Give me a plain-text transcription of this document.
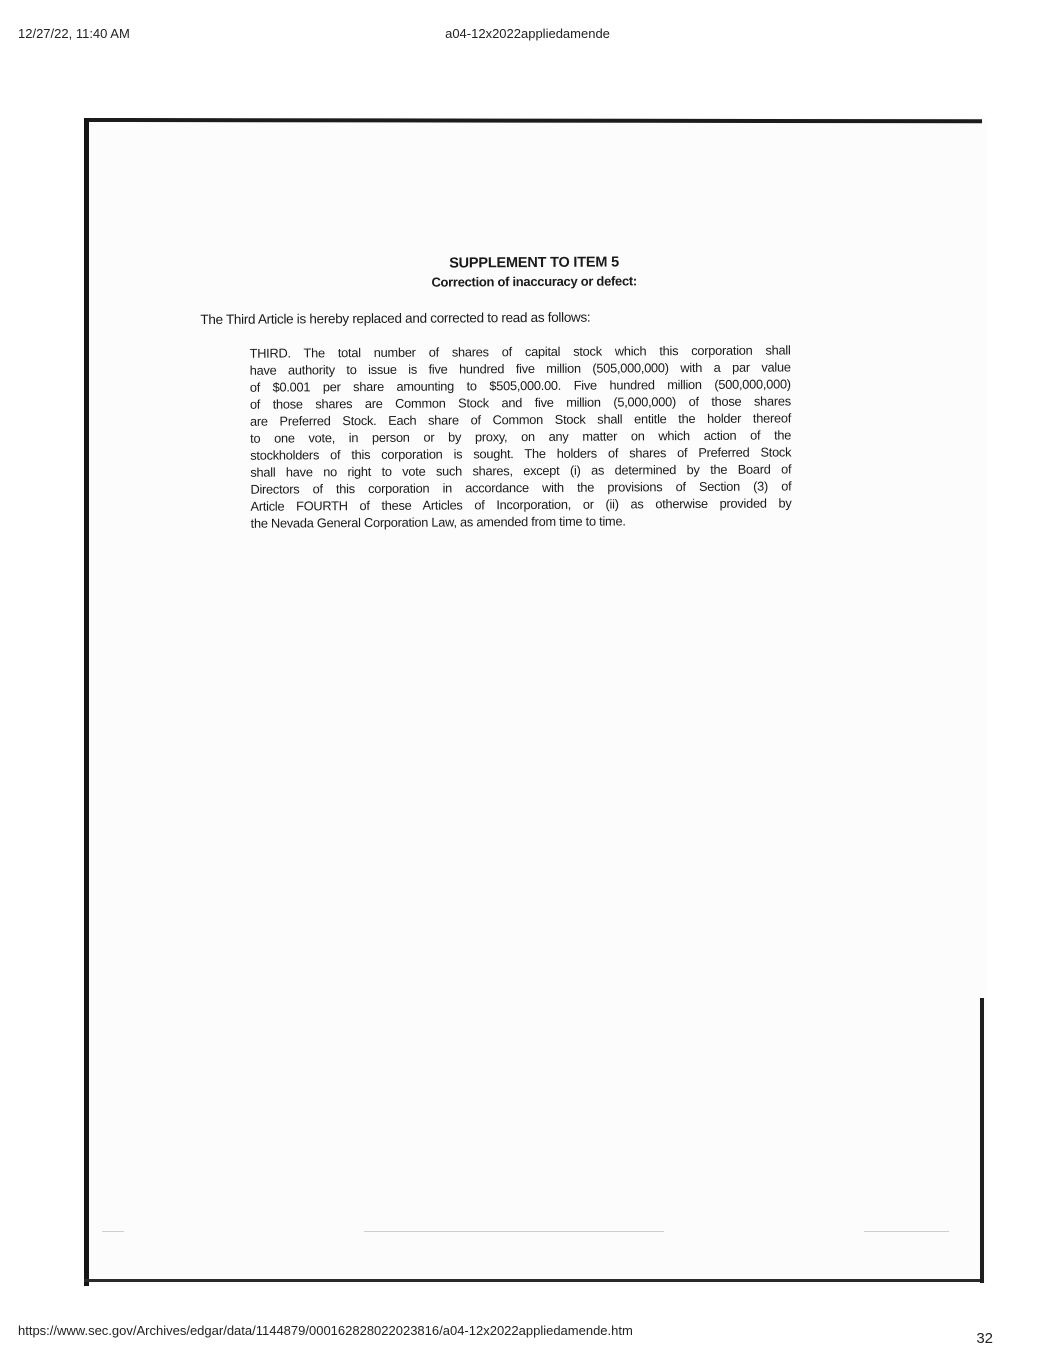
12/27/22, 11:40 AM	a04-12x2022appliedamende
SUPPLEMENT TO ITEM 5
Correction of inaccuracy or defect:
The Third Article is hereby replaced and corrected to read as follows:
THIRD. The total number of shares of capital stock which this corporation shall
have authority to issue is five hundred five million (505,000,000) with a par value
of $0.001 per share amounting to $505,000.00. Five hundred million (500,000,000)
of those shares are Common Stock and five million (5,000,000) of those shares
are Preferred Stock. Each share of Common Stock shall entitle the holder thereof
to one vote, in person or by proxy, on any matter on which action of the
stockholders of this corporation is sought. The holders of shares of Preferred Stock
shall have no right to vote such shares, except (i) as determined by the Board of
Directors of this corporation in accordance with the provisions of Section (3) of
Article FOURTH of these Articles of Incorporation, or (ii) as otherwise provided by
the Nevada General Corporation Law, as amended from time to time.
https://www.sec.gov/Archives/edgar/data/1144879/000162828022023816/a04-12x2022appliedamende.htm	32
